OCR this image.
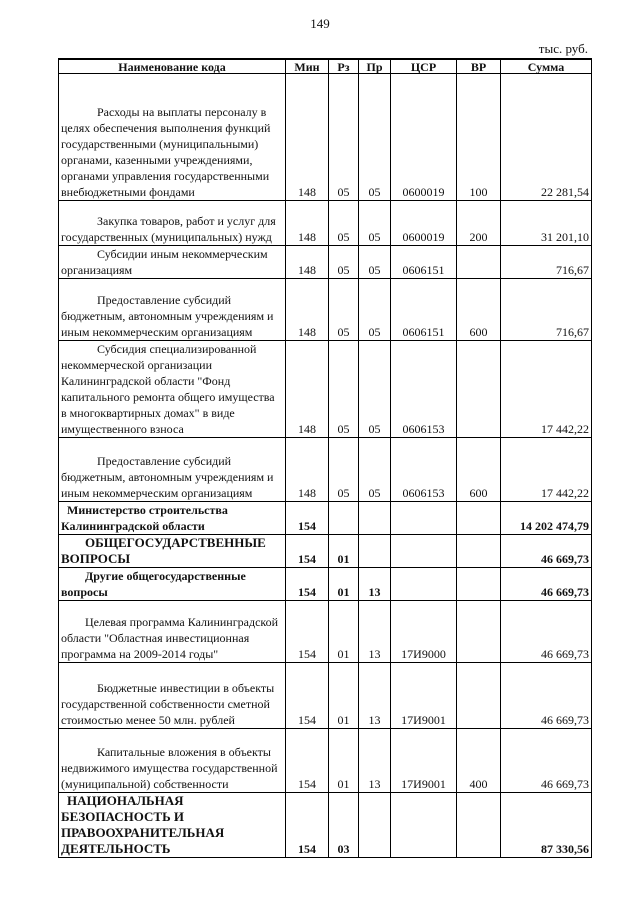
149
тыс. руб.
Наименование кода	Мин	Рз	Пр	ЦСР	ВР	Сумма

Расходы на выплаты персоналу в целях обеспечения выполнения функций государственными (муниципальными) органами, казенными учреждениями, органами управления государственными внебюджетными фондами	148	05	05	0600019	100	22 281,54

Закупка товаров, работ и услуг для государственных (муниципальных) нужд	148	05	05	0600019	200	31 201,10

Субсидии иным некоммерческим организациям	148	05	05	0606151		716,67

Предоставление субсидий бюджетным, автономным учреждениям и иным некоммерческим организациям	148	05	05	0606151	600	716,67

Субсидия специализированной некоммерческой организации Калининградской области "Фонд капитального ремонта общего имущества в многоквартирных домах" в виде имущественного взноса	148	05	05	0606153		17 442,22

Предоставление субсидий бюджетным, автономным учреждениям и иным некоммерческим организациям	148	05	05	0606153	600	17 442,22

Министерство строительства Калининградской области	154					14 202 474,79

ОБЩЕГОСУДАРСТВЕННЫЕ ВОПРОСЫ	154	01				46 669,73

Другие общегосударственные вопросы	154	01	13			46 669,73

Целевая программа Калининградской области "Областная инвестиционная программа на 2009-2014 годы"	154	01	13	17И9000		46 669,73

Бюджетные инвестиции в объекты государственной собственности сметной стоимостью менее 50 млн. рублей	154	01	13	17И9001		46 669,73

Капитальные вложения в объекты недвижимого имущества государственной (муниципальной) собственности	154	01	13	17И9001	400	46 669,73

НАЦИОНАЛЬНАЯ БЕЗОПАСНОСТЬ И ПРАВООХРАНИТЕЛЬНАЯ ДЕЯТЕЛЬНОСТЬ	154	03				87 330,56
